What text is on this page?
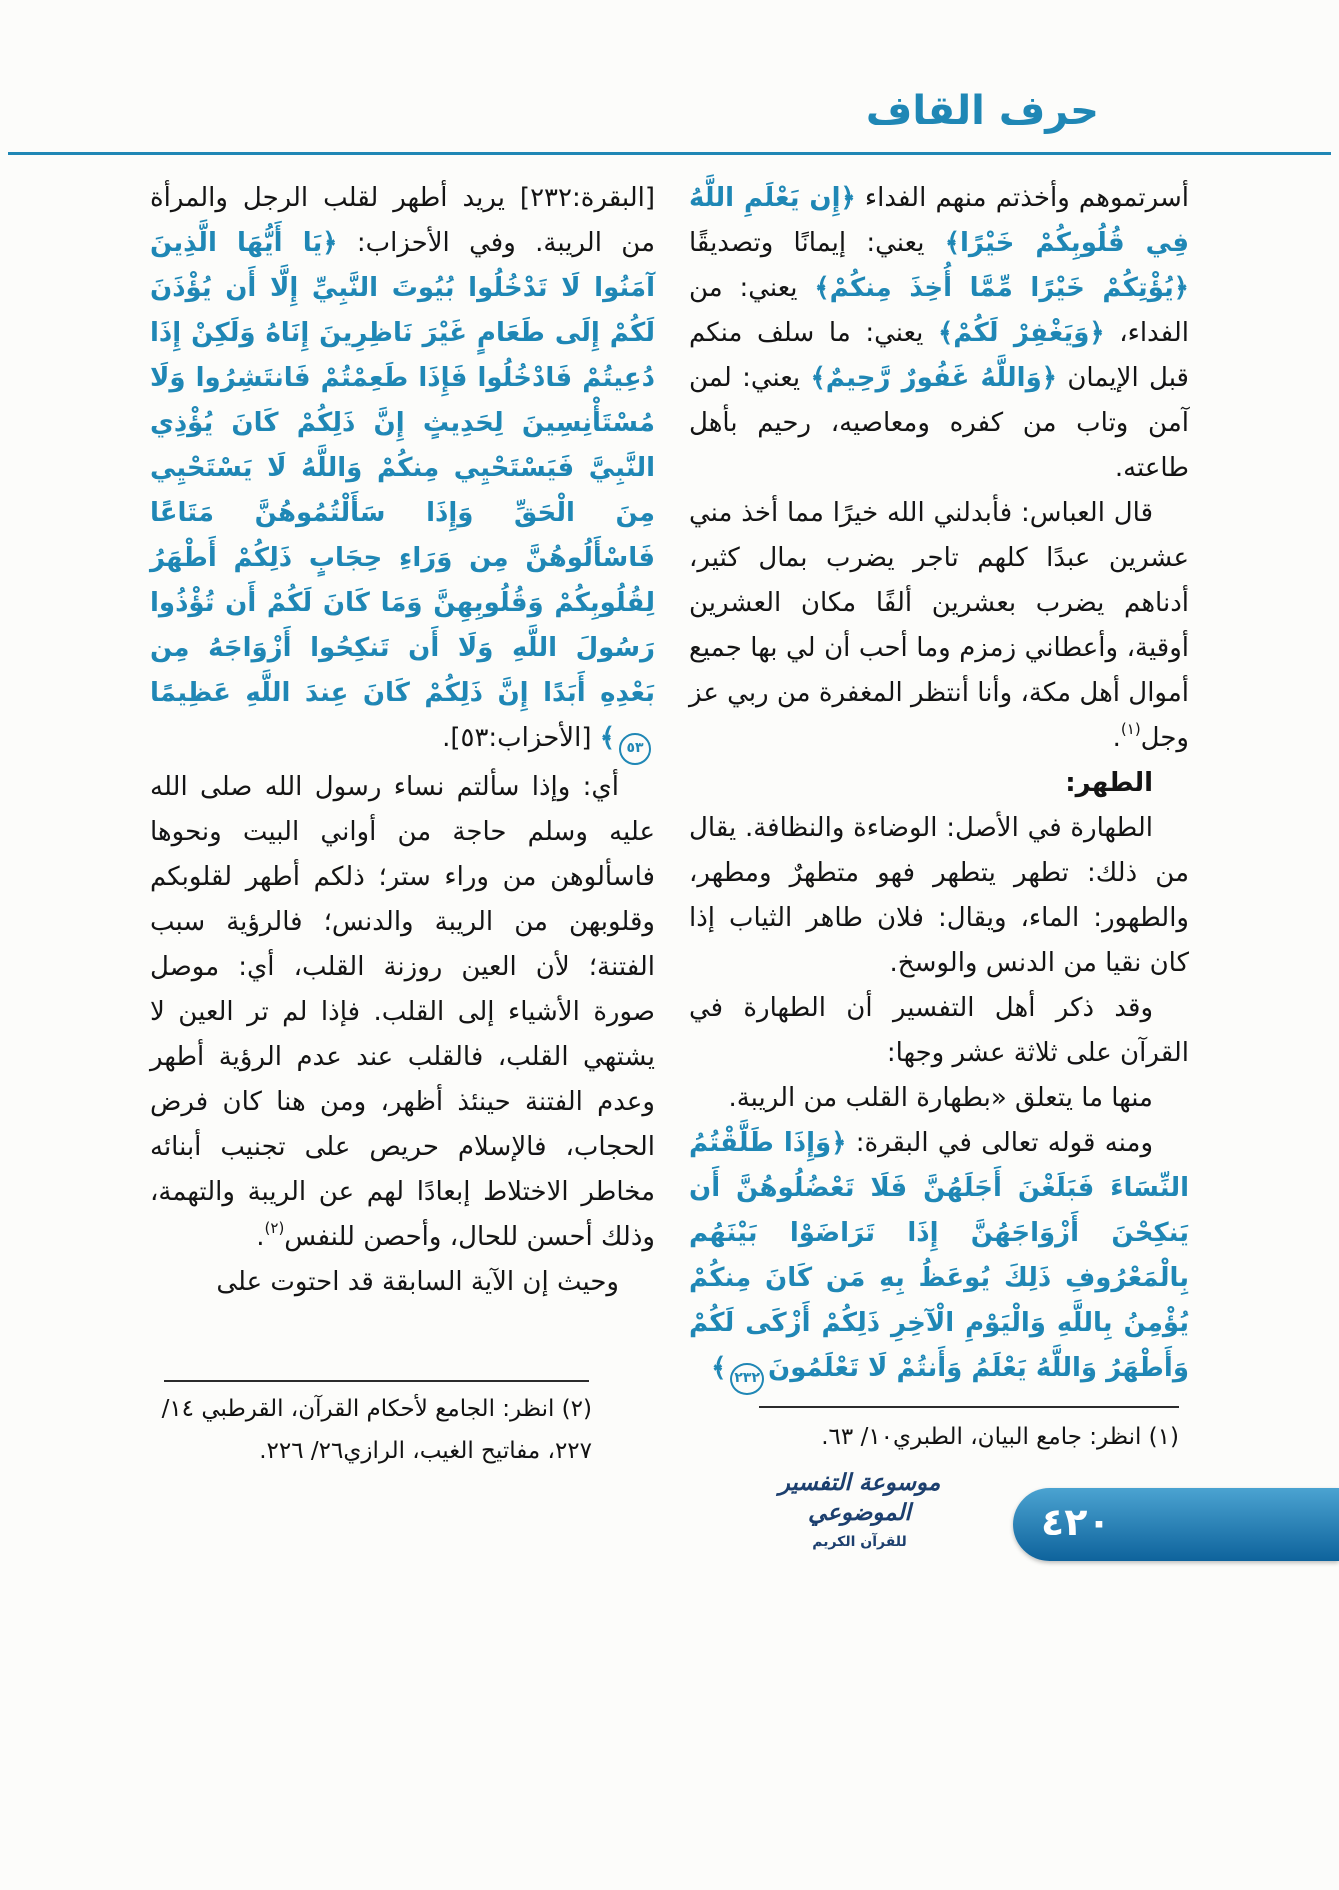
حرف القاف

أسرتموهم وأخذتم منهم الفداء ﴿إِن يَعْلَمِ اللَّهُ فِي قُلُوبِكُمْ خَيْرًا﴾ يعني: إيمانًا وتصديقًا ﴿يُؤْتِكُمْ خَيْرًا مِّمَّا أُخِذَ مِنكُمْ﴾ يعني: من الفداء، ﴿وَيَغْفِرْ لَكُمْ﴾ يعني: ما سلف منكم قبل الإيمان ﴿وَاللَّهُ غَفُورٌ رَّحِيمٌ﴾ يعني: لمن آمن وتاب من كفره ومعاصيه، رحيم بأهل طاعته.

قال العباس: فأبدلني الله خيرًا مما أخذ مني عشرين عبدًا كلهم تاجر يضرب بمال كثير، أدناهم يضرب بعشرين ألفًا مكان العشرين أوقية، وأعطاني زمزم وما أحب أن لي بها جميع أموال أهل مكة، وأنا أنتظر المغفرة من ربي عز وجل$^{(١)}$.

الطهر:

الطهارة في الأصل: الوضاءة والنظافة. يقال من ذلك: تطهر يتطهر فهو متطهرٌ ومطهر، والطهور: الماء، ويقال: فلان طاهر الثياب إذا كان نقيا من الدنس والوسخ.

وقد ذكر أهل التفسير أن الطهارة في القرآن على ثلاثة عشر وجها:

منها ما يتعلق «بطهارة القلب من الريبة.

ومنه قوله تعالى في البقرة: ﴿وَإِذَا طَلَّقْتُمُ النِّسَاءَ فَبَلَغْنَ أَجَلَهُنَّ فَلَا تَعْضُلُوهُنَّ أَن يَنكِحْنَ أَزْوَاجَهُنَّ إِذَا تَرَاضَوْا بَيْنَهُم بِالْمَعْرُوفِ ذَلِكَ يُوعَظُ بِهِ مَن كَانَ مِنكُمْ يُؤْمِنُ بِاللَّهِ وَالْيَوْمِ الْآخِرِ ذَلِكُمْ أَزْكَى لَكُمْ وَأَطْهَرُ وَاللَّهُ يَعْلَمُ وَأَنتُمْ لَا تَعْلَمُونَ٢٣٢﴾

[البقرة:٢٣٢] يريد أطهر لقلب الرجل والمرأة من الريبة. وفي الأحزاب: ﴿يَا أَيُّهَا الَّذِينَ آمَنُوا لَا تَدْخُلُوا بُيُوتَ النَّبِيِّ إِلَّا أَن يُؤْذَنَ لَكُمْ إِلَى طَعَامٍ غَيْرَ نَاظِرِينَ إِنَاهُ وَلَكِنْ إِذَا دُعِيتُمْ فَادْخُلُوا فَإِذَا طَعِمْتُمْ فَانتَشِرُوا وَلَا مُسْتَأْنِسِينَ لِحَدِيثٍ إِنَّ ذَلِكُمْ كَانَ يُؤْذِي النَّبِيَّ فَيَسْتَحْيِي مِنكُمْ وَاللَّهُ لَا يَسْتَحْيِي مِنَ الْحَقِّ وَإِذَا سَأَلْتُمُوهُنَّ مَتَاعًا فَاسْأَلُوهُنَّ مِن وَرَاءِ حِجَابٍ ذَلِكُمْ أَطْهَرُ لِقُلُوبِكُمْ وَقُلُوبِهِنَّ وَمَا كَانَ لَكُمْ أَن تُؤْذُوا رَسُولَ اللَّهِ وَلَا أَن تَنكِحُوا أَزْوَاجَهُ مِن بَعْدِهِ أَبَدًا إِنَّ ذَلِكُمْ كَانَ عِندَ اللَّهِ عَظِيمًا٥٣﴾ [الأحزاب:٥٣].

أي: وإذا سألتم نساء رسول الله صلى الله عليه وسلم حاجة من أواني البيت ونحوها فاسألوهن من وراء ستر؛ ذلكم أطهر لقلوبكم وقلوبهن من الريبة والدنس؛ فالرؤية سبب الفتنة؛ لأن العين روزنة القلب، أي: موصل صورة الأشياء إلى القلب. فإذا لم تر العين لا يشتهي القلب، فالقلب عند عدم الرؤية أطهر وعدم الفتنة حينئذ أظهر، ومن هنا كان فرض الحجاب، فالإسلام حريص على تجنيب أبنائه مخاطر الاختلاط إبعادًا لهم عن الريبة والتهمة، وذلك أحسن للحال، وأحصن للنفس$^{(٢)}$.

وحيث إن الآية السابقة قد احتوت على

(١) انظر: جامع البيان، الطبري١٠/ ٦٣.
(٢) انظر: الجامع لأحكام القرآن، القرطبي ١٤/ ٢٢٧، مفاتيح الغيب، الرازي٢٦/ ٢٢٦.
موسوعة التفسير الموضوعي
للقرآن الكريم	٤٢٠
